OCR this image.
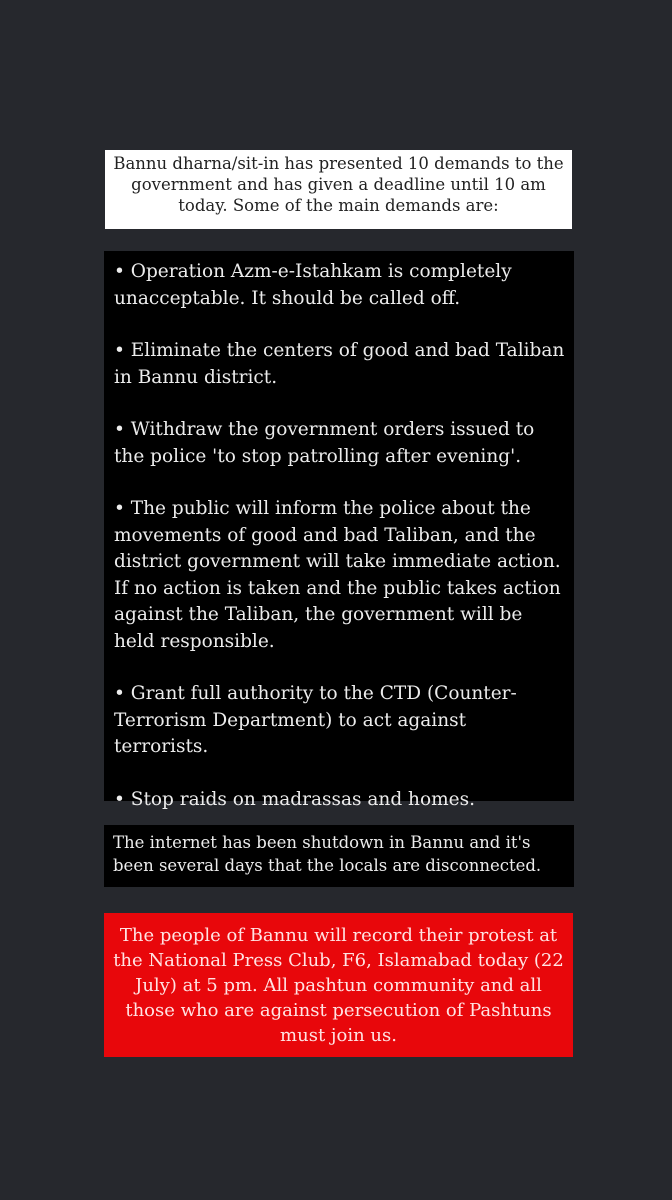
Bannu dharna/sit-in has presented 10 demands to the government and has given a deadline until 10 am today. Some of the main demands are:

• Operation Azm-e-Istahkam is completely unacceptable. It should be called off.

• Eliminate the centers of good and bad Taliban in Bannu district.

• Withdraw the government orders issued to the police 'to stop patrolling after evening'.

• The public will inform the police about the movements of good and bad Taliban, and the district government will take immediate action. If no action is taken and the public takes action against the Taliban, the government will be held responsible.

• Grant full authority to the CTD (Counter-Terrorism Department) to act against terrorists.

• Stop raids on madrassas and homes.

The internet has been shutdown in Bannu and it's been several days that the locals are disconnected.
The people of Bannu will record their protest at the National Press Club, F6, Islamabad today (22 July) at 5 pm. All pashtun community and all those who are against persecution of Pashtuns must join us.
